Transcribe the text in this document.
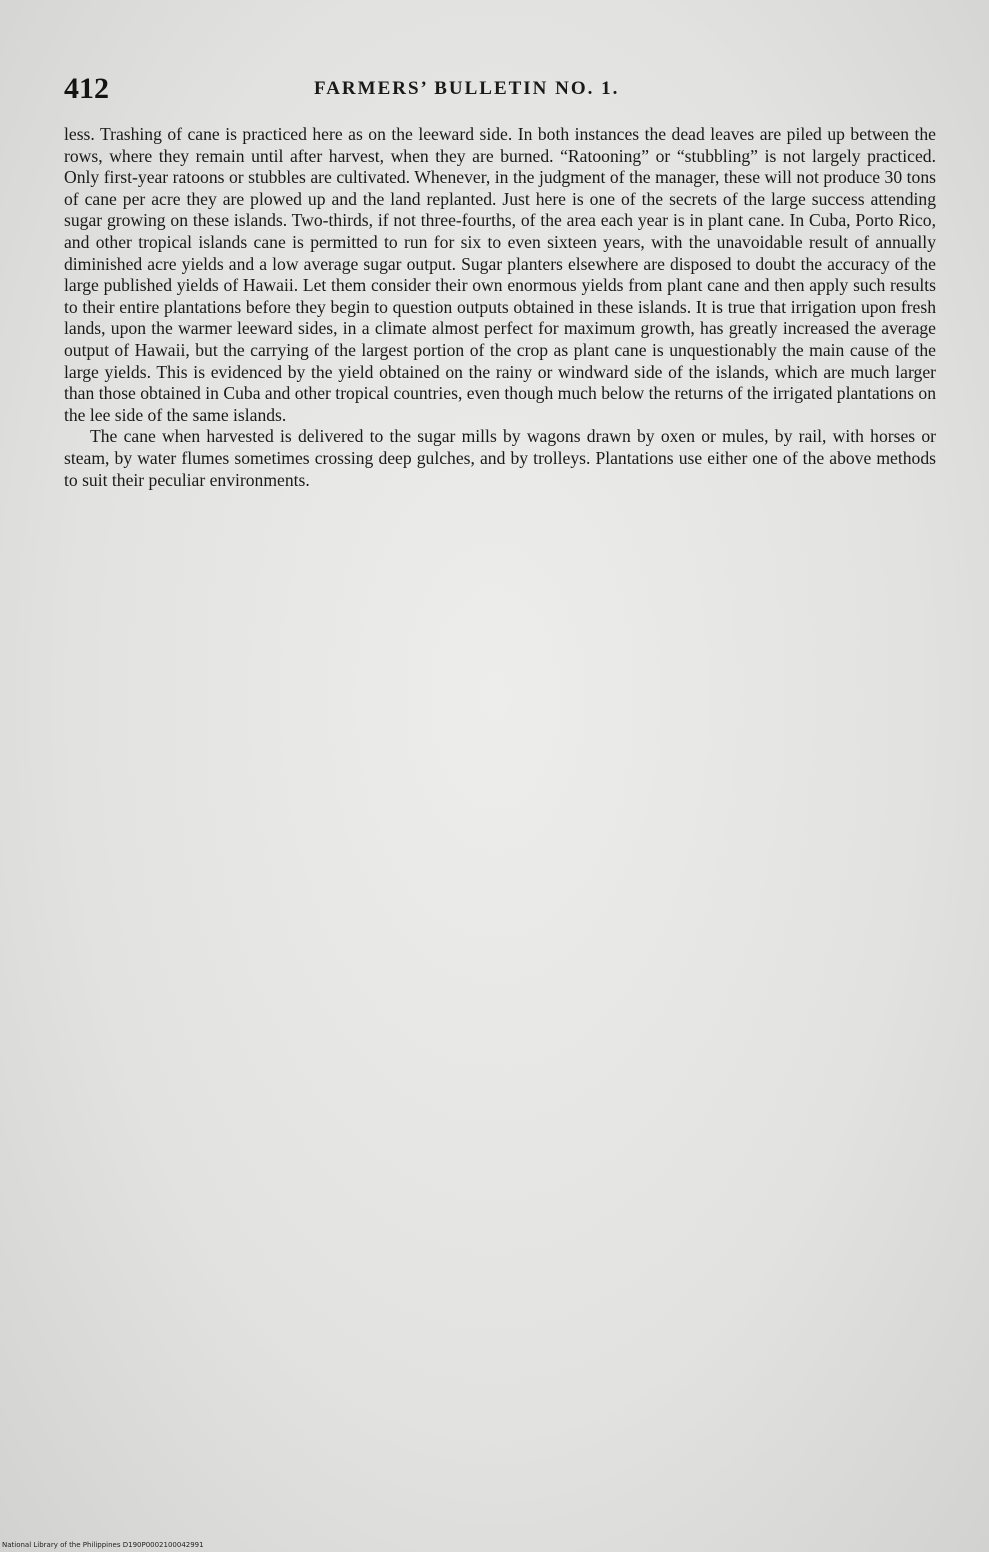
412	FARMERS’ BULLETIN NO. 1.

less. Trashing of cane is practiced here as on the leeward side. In both instances the dead leaves are piled up between the rows, where they remain until after harvest, when they are burned. “Ratooning” or “stubbling” is not largely practiced. Only first-year ratoons or stubbles are cultivated. Whenever, in the judgment of the manager, these will not produce 30 tons of cane per acre they are plowed up and the land replanted. Just here is one of the secrets of the large success attending sugar growing on these islands. Two-thirds, if not three-fourths, of the area each year is in plant cane. In Cuba, Porto Rico, and other tropical islands cane is permitted to run for six to even sixteen years, with the unavoidable result of annually diminished acre yields and a low average sugar output. Sugar planters elsewhere are disposed to doubt the accuracy of the large published yields of Hawaii. Let them consider their own enormous yields from plant cane and then apply such results to their entire plantations before they begin to question outputs obtained in these islands. It is true that irrigation upon fresh lands, upon the warmer leeward sides, in a climate almost perfect for maximum growth, has greatly increased the average output of Hawaii, but the carrying of the largest portion of the crop as plant cane is unquestionably the main cause of the large yields. This is evidenced by the yield obtained on the rainy or windward side of the islands, which are much larger than those obtained in Cuba and other tropical countries, even though much below the returns of the irrigated plantations on the lee side of the same islands.

The cane when harvested is delivered to the sugar mills by wagons drawn by oxen or mules, by rail, with horses or steam, by water flumes sometimes crossing deep gulches, and by trolleys. Plantations use either one of the above methods to suit their peculiar environments.

National Library of the Philippines D190P0002100042991
